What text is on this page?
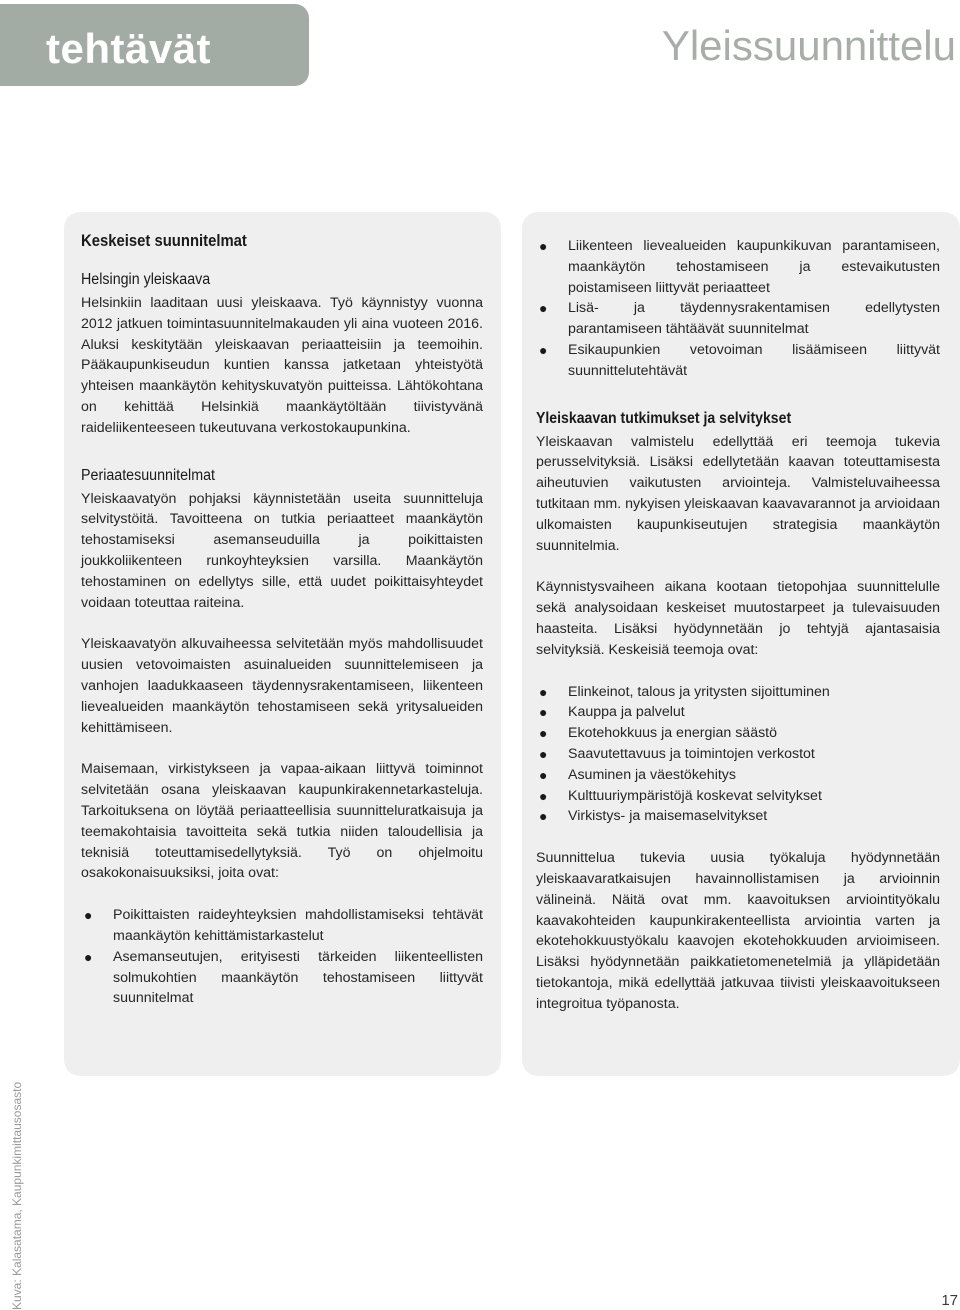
tehtävät	Yleissuunnittelu
Keskeiset suunnitelmat
Helsingin yleiskaava

Helsinkiin laaditaan uusi yleiskaava. Työ käynnistyy vuonna 2012 jatkuen toimintasuunnitelmakauden yli aina vuoteen 2016. Aluksi keskitytään yleiskaavan periaatteisiin ja teemoihin. Pääkaupunkiseudun kuntien kanssa jatketaan yhteistyötä yhteisen maankäytön kehityskuvatyön puitteissa. Lähtökohtana on kehittää Helsinkiä maankäytöltään tiivistyvänä raideliikenteeseen tukeutuvana verkostokaupunkina.

Periaatesuunnitelmat

Yleiskaavatyön pohjaksi käynnistetään useita suunnitteluja selvitystöitä. Tavoitteena on tutkia periaatteet maankäytön tehostamiseksi asemanseuduilla ja poikittaisten joukkoliikenteen runkoyhteyksien varsilla. Maankäytön tehostaminen on edellytys sille, että uudet poikittaisyhteydet voidaan toteuttaa raiteina.

Yleiskaavatyön alkuvaiheessa selvitetään myös mahdollisuudet uusien vetovoimaisten asuinalueiden suunnittelemiseen ja vanhojen laadukkaaseen täydennysrakentamiseen, liikenteen lievealueiden maankäytön tehostamiseen sekä yritysalueiden kehittämiseen.

Maisemaan, virkistykseen ja vapaa-aikaan liittyvä toiminnot selvitetään osana yleiskaavan kaupunkirakennetarkasteluja. Tarkoituksena on löytää periaatteellisia suunnitteluratkaisuja ja teemakohtaisia tavoitteita sekä tutkia niiden taloudellisia ja teknisiä toteuttamisedellytyksiä. Työ on ohjelmoitu osakokonaisuuksiksi, joita ovat:

● Poikittaisten raideyhteyksien mahdollistamiseksi tehtävät maankäytön kehittämistarkastelut
● Asemanseutujen, erityisesti tärkeiden liikenteellisten solmukohtien maankäytön tehostamiseen liittyvät suunnitelmat
● Liikenteen lievealueiden kaupunkikuvan parantamiseen, maankäytön tehostamiseen ja estevaikutusten poistamiseen liittyvät periaatteet
● Lisä- ja täydennysrakentamisen edellytysten parantamiseen tähtäävät suunnitelmat
● Esikaupunkien vetovoiman lisäämiseen liittyvät suunnittelutehtävät
Yleiskaavan tutkimukset ja selvitykset

Yleiskaavan valmistelu edellyttää eri teemoja tukevia perusselvityksiä. Lisäksi edellytetään kaavan toteuttamisesta aiheutuvien vaikutusten arviointeja. Valmisteluvaiheessa tutkitaan mm. nykyisen yleiskaavan kaavavarannot ja arvioidaan ulkomaisten kaupunkiseutujen strategisia maankäytön suunnitelmia.

Käynnistysvaiheen aikana kootaan tietopohjaa suunnittelulle sekä analysoidaan keskeiset muutostarpeet ja tulevaisuuden haasteita. Lisäksi hyödynnetään jo tehtyjä ajantasaisia selvityksiä. Keskeisiä teemoja ovat:

● Elinkeinot, talous ja yritysten sijoittuminen
● Kauppa ja palvelut
● Ekotehokkuus ja energian säästö
● Saavutettavuus ja toimintojen verkostot
● Asuminen ja väestökehitys
● Kulttuuriympäristöjä koskevat selvitykset
● Virkistys- ja maisemaselvitykset

Suunnittelua tukevia uusia työkaluja hyödynnetään yleiskaavaratkaisujen havainnollistamisen ja arvioinnin välineinä. Näitä ovat mm. kaavoituksen arviointityökalu kaavakohteiden kaupunkirakenteellista arviointia varten ja ekotehokkuustyökalu kaavojen ekotehokkuuden arvioimiseen. Lisäksi hyödynnetään paikkatietomenetelmiä ja ylläpidetään tietokantoja, mikä edellyttää jatkuvaa tiivisti yleiskaavoitukseen integroitua työpanosta.

Kuva: Kalasatama, Kaupunkimittausosasto	17
